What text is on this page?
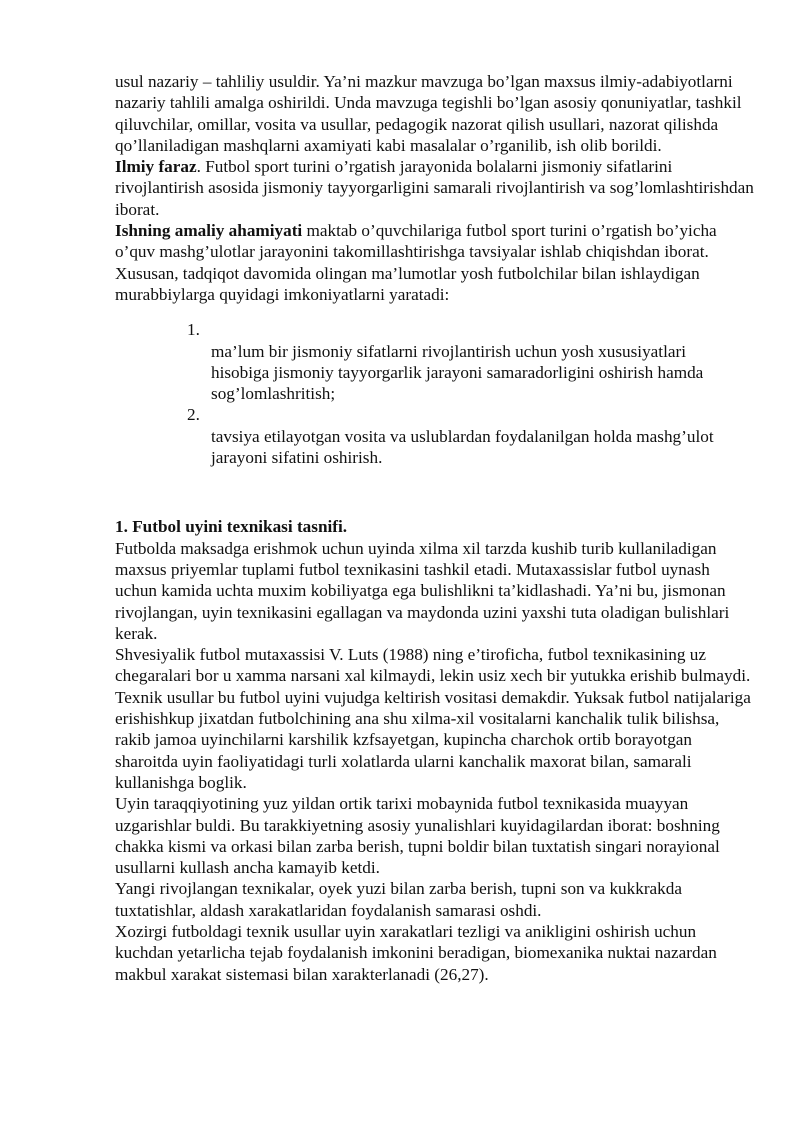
usul nazariy – tahliliy usuldir. Ya’ni mazkur mavzuga bo’lgan maxsus ilmiy-adabiyotlarni nazariy tahlili amalga oshirildi. Unda mavzuga tegishli bo’lgan asosiy qonuniyatlar, tashkil qiluvchilar, omillar, vosita va usullar, pedagogik nazorat qilish usullari, nazorat qilishda qo’llaniladigan mashqlarni axamiyati kabi masalalar o’rganilib, ish olib borildi.

Ilmiy faraz. Futbol sport turini o’rgatish jarayonida bolalarni jismoniy sifatlarini rivojlantirish asosida jismoniy tayyorgarligini samarali rivojlantirish va sog’lomlashtirishdan iborat.

Ishning amaliy ahamiyati maktab o’quvchilariga futbol sport turini o’rgatish bo’yicha o’quv mashg’ulotlar jarayonini takomillashtirishga tavsiyalar ishlab chiqishdan iborat. Xususan, tadqiqot davomida olingan ma’lumotlar yosh futbolchilar bilan ishlaydigan murabbiylarga quyidagi imkoniyatlarni yaratadi:

1.
ma’lum bir jismoniy sifatlarni rivojlantirish uchun yosh xususiyatlari hisobiga jismoniy tayyorgarlik jarayoni samaradorligini oshirish hamda sog’lomlashritish;
2.
tavsiya etilayotgan vosita va uslublardan foydalanilgan holda mashg’ulot jarayoni sifatini oshirish.

1. Futbol uyini texnikasi tasnifi.

Futbolda maksadga erishmok uchun uyinda xilma xil tarzda kushib turib kullaniladigan maxsus priyemlar tuplami futbol texnikasini tashkil etadi. Mutaxassislar futbol uynash uchun kamida uchta muxim kobiliyatga ega bulishlikni ta’kidlashadi. Ya’ni bu, jismonan rivojlangan, uyin texnikasini egallagan va maydonda uzini yaxshi tuta oladigan bulishlari kerak.

Shvesiyalik futbol mutaxassisi V. Luts (1988) ning e’tiroficha, futbol texnikasining uz chegaralari bor u xamma narsani xal kilmaydi, lekin usiz xech bir yutukka erishib bulmaydi.

Texnik usullar bu futbol uyini vujudga keltirish vositasi demakdir. Yuksak futbol natijalariga erishishkup jixatdan futbolchining ana shu xilma-xil vositalarni kanchalik tulik bilishsa, rakib jamoa uyinchilarni karshilik kzfsayetgan, kupincha charchok ortib borayotgan sharoitda uyin faoliyatidagi turli xolatlarda ularni kanchalik maxorat bilan, samarali kullanishga boglik.

Uyin taraqqiyotining yuz yildan ortik tarixi mobaynida futbol texnikasida muayyan uzgarishlar buldi. Bu tarakkiyetning asosiy yunalishlari kuyidagilardan iborat: boshning chakka kismi va orkasi bilan zarba berish, tupni boldir bilan tuxtatish singari norayional usullarni kullash ancha kamayib ketdi.

Yangi rivojlangan texnikalar, oyek yuzi bilan zarba berish, tupni son va kukkrakda tuxtatishlar, aldash xarakatlaridan foydalanish samarasi oshdi.

Xozirgi futboldagi texnik usullar uyin xarakatlari tezligi va anikligini oshirish uchun kuchdan yetarlicha tejab foydalanish imkonini beradigan, biomexanika nuktai nazardan makbul xarakat sistemasi bilan xarakterlanadi (26,27).
